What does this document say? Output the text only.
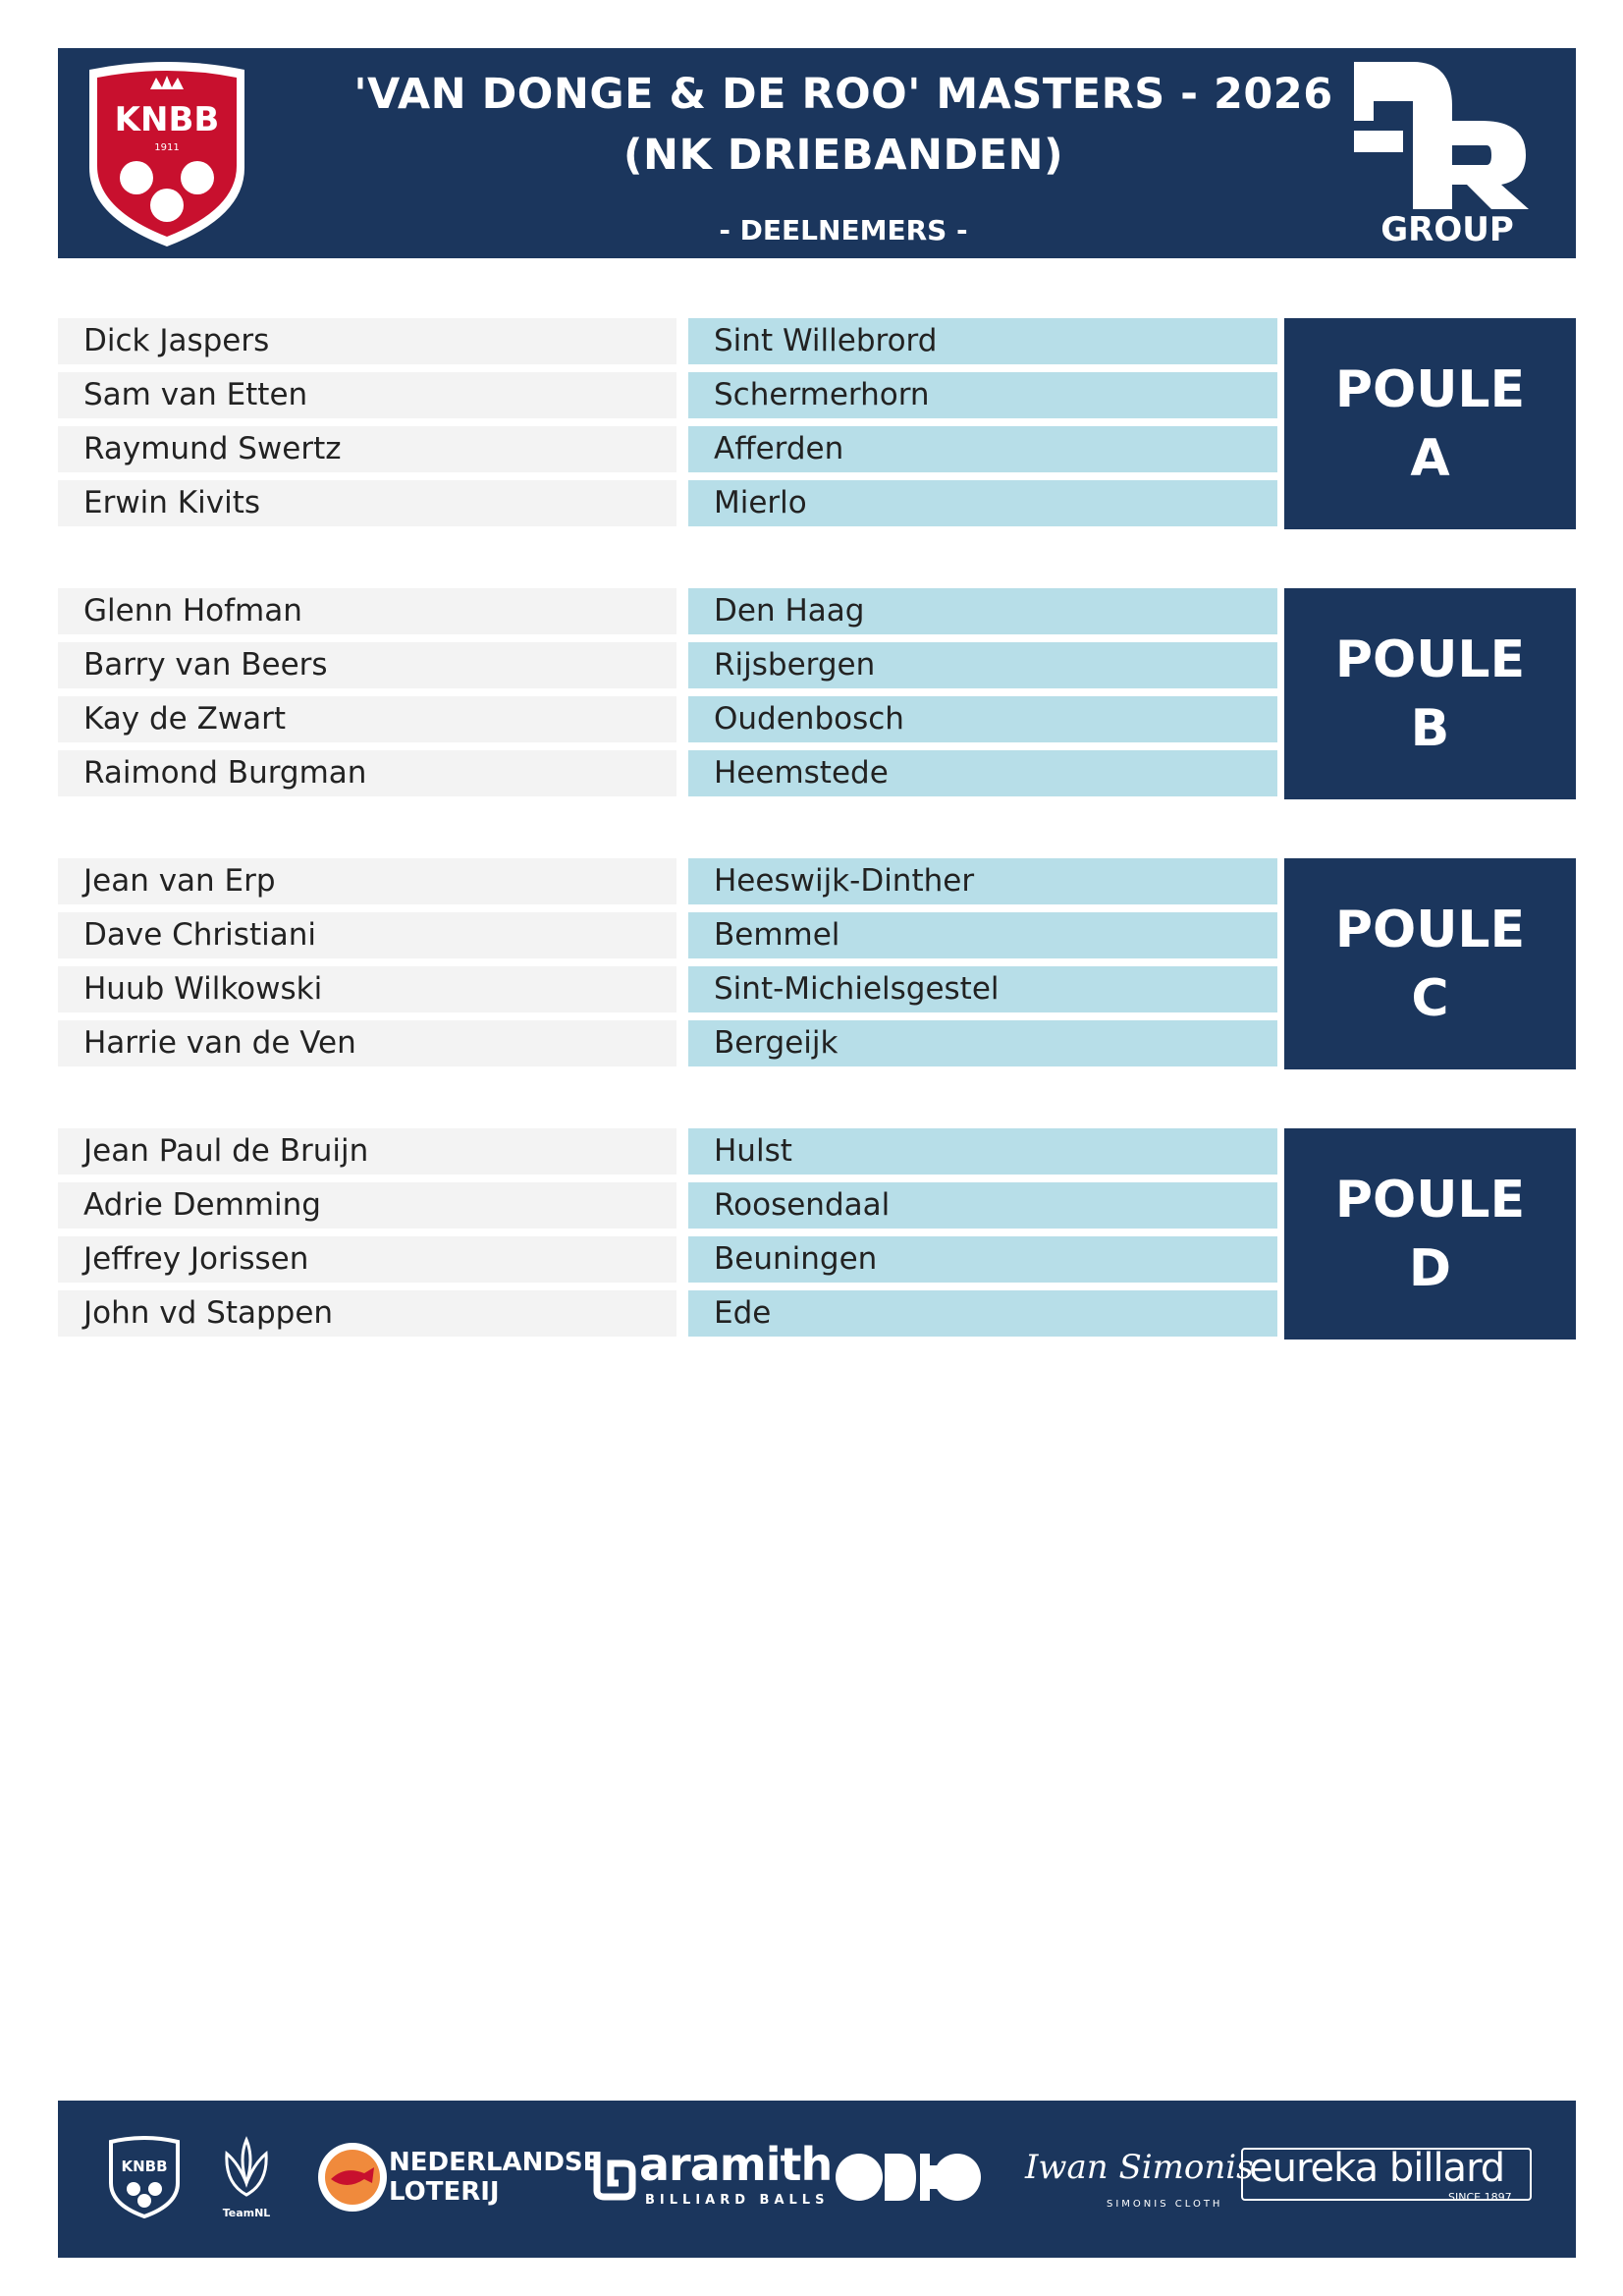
KNBB
1911
'VAN DONGE & DE ROO' MASTERS - 2026
(NK DRIEBANDEN)
- DEELNEMERS -	GROUP
Dick Jaspers	Sint Willebrord
Sam van Etten	Schermerhorn
Raymund Swertz	Afferden
Erwin Kivits	Mierlo
POULE
A
Glenn Hofman	Den Haag
Barry van Beers	Rijsbergen
Kay de Zwart	Oudenbosch
Raimond Burgman	Heemstede
POULE
B
Jean van Erp	Heeswijk-Dinther
Dave Christiani	Bemmel
Huub Wilkowski	Sint-Michielsgestel
Harrie van de Ven	Bergeijk
POULE
C
Jean Paul de Bruijn	Hulst
Adrie Demming	Roosendaal
Jeffrey Jorissen	Beuningen
John vd Stappen	Ede
POULE
D
KNBB
TeamNL
NEDERLANDSE
LOTERIJ
aramith
BILLIARD BALLS
Iwan Simonis
SIMONIS CLOTH
eureka billard
SINCE 1897
